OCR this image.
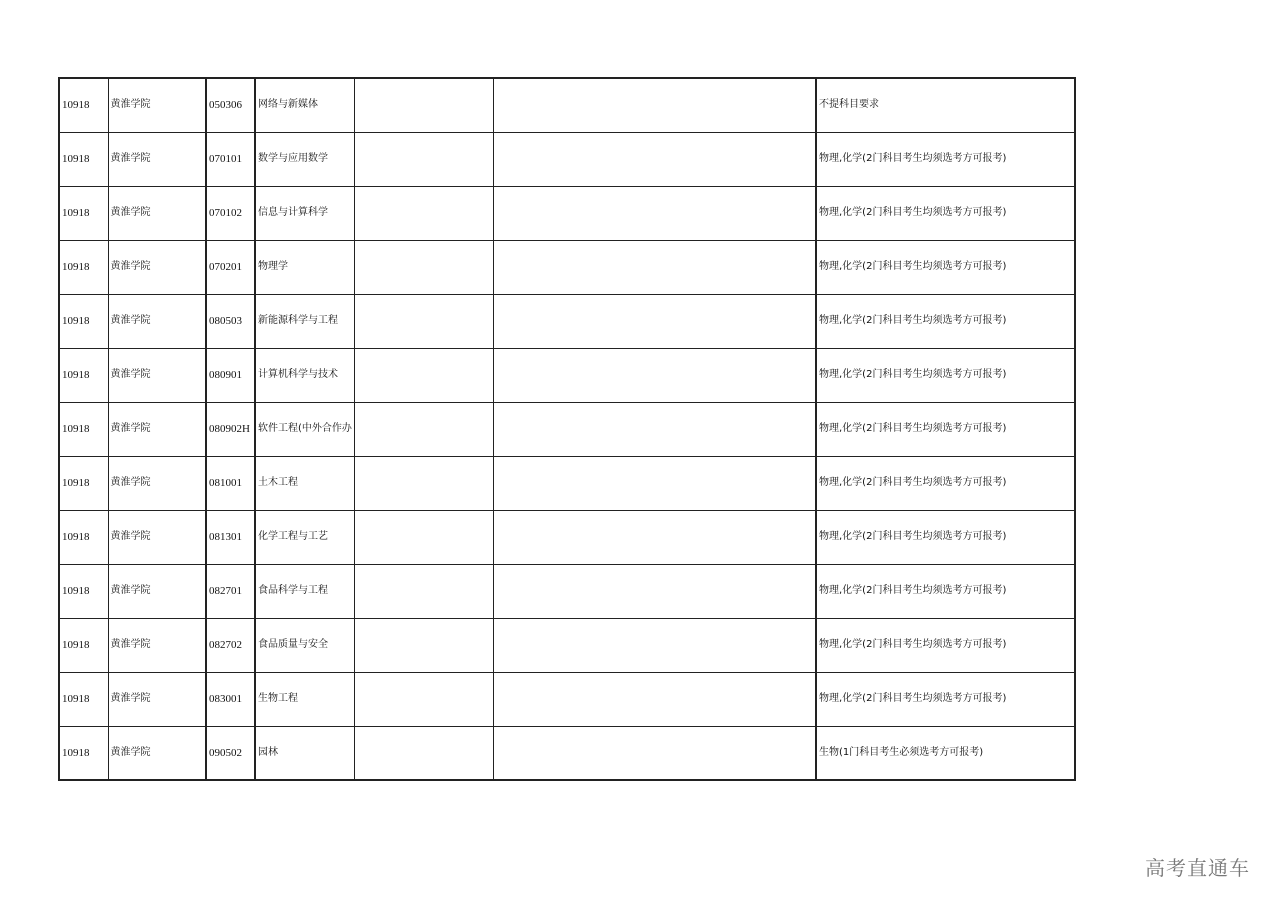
10918	黄淮学院	050306	网络与新媒体			不提科目要求
10918	黄淮学院	070101	数学与应用数学			物理,化学(2门科目考生均须选考方可报考)
10918	黄淮学院	070102	信息与计算科学			物理,化学(2门科目考生均须选考方可报考)
10918	黄淮学院	070201	物理学			物理,化学(2门科目考生均须选考方可报考)
10918	黄淮学院	080503	新能源科学与工程			物理,化学(2门科目考生均须选考方可报考)
10918	黄淮学院	080901	计算机科学与技术			物理,化学(2门科目考生均须选考方可报考)
10918	黄淮学院	080902H	软件工程(中外合作办			物理,化学(2门科目考生均须选考方可报考)
10918	黄淮学院	081001	土木工程			物理,化学(2门科目考生均须选考方可报考)
10918	黄淮学院	081301	化学工程与工艺			物理,化学(2门科目考生均须选考方可报考)
10918	黄淮学院	082701	食品科学与工程			物理,化学(2门科目考生均须选考方可报考)
10918	黄淮学院	082702	食品质量与安全			物理,化学(2门科目考生均须选考方可报考)
10918	黄淮学院	083001	生物工程			物理,化学(2门科目考生均须选考方可报考)
10918	黄淮学院	090502	园林			生物(1门科目考生必须选考方可报考)
高考直通车
